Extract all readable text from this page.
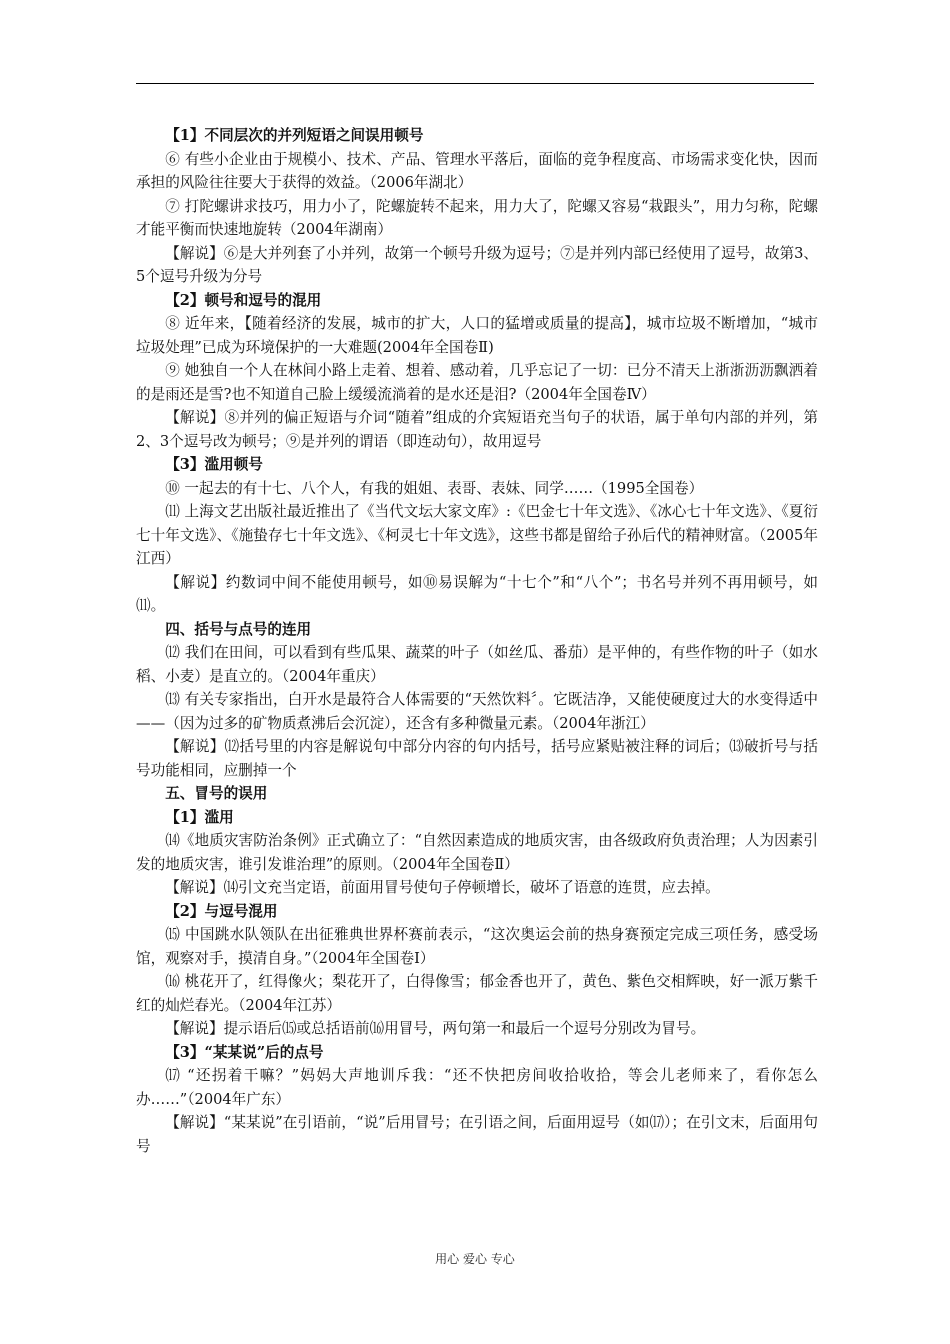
【1】不同层次的并列短语之间误用顿号

⑥ 有些小企业由于规模小、技术、产品、管理水平落后，面临的竞争程度高、市场需求变化快，因而承担的风险往往要大于获得的效益。（2006年湖北）

⑦ 打陀螺讲求技巧，用力小了，陀螺旋转不起来，用力大了，陀螺又容易“栽跟头”，用力匀称，陀螺才能平衡而快速地旋转（2004年湖南）

【解说】⑥是大并列套了小并列，故第一个顿号升级为逗号；⑦是并列内部已经使用了逗号，故第3、5个逗号升级为分号

【2】顿号和逗号的混用

⑧ 近年来，【随着经济的发展，城市的扩大，人口的猛增或质量的提高】，城市垃圾不断增加，“城市垃圾处理”已成为环境保护的一大难题(2004年全国卷Ⅱ)

⑨ 她独自一个人在林间小路上走着、想着、感动着，几乎忘记了一切：已分不清天上浙浙沥沥飘洒着的是雨还是雪?也不知道自己脸上缓缓流淌着的是水还是泪?（2004年全国卷Ⅳ）

【解说】⑧并列的偏正短语与介词“随着”组成的介宾短语充当句子的状语，属于单句内部的并列，第2、3个逗号改为顿号；⑨是并列的谓语（即连动句），故用逗号

【3】滥用顿号

⑩ 一起去的有十七、八个人，有我的姐姐、表哥、表妹、同学……（1995全国卷）

⑾ 上海文艺出版社最近推出了《当代文坛大家文库》:《巴金七十年文选》、《冰心七十年文选》、《夏衍七十年文选》、《施蛰存七十年文选》、《柯灵七十年文选》，这些书都是留给子孙后代的精神财富。（2005年江西）

【解说】约数词中间不能使用顿号，如⑩易误解为“十七个”和“八个”；书名号并列不再用顿号，如⑾。

四、括号与点号的连用

⑿ 我们在田间，可以看到有些瓜果、蔬菜的叶子（如丝瓜、番茄）是平伸的，有些作物的叶子（如水稻、小麦）是直立的。（2004年重庆）

⒀ 有关专家指出，白开水是最符合人体需要的“天然饮料〞。它既洁净，又能使硬度过大的水变得适中——（因为过多的矿物质煮沸后会沉淀），还含有多种微量元素。（2004年浙江）

【解说】⑿括号里的内容是解说句中部分内容的句内括号，括号应紧贴被注释的词后；⒀破折号与括号功能相同，应删掉一个

五、冒号的误用

【1】滥用

⒁《地质灾害防治条例》正式确立了：“自然因素造成的地质灾害，由各级政府负责治理；人为因素引发的地质灾害，谁引发谁治理”的原则。（2004年全国卷Ⅱ）

【解说】⒁引文充当定语，前面用冒号使句子停顿增长，破坏了语意的连贯，应去掉。

【2】与逗号混用

⒂ 中国跳水队领队在出征雅典世界杯赛前表示，“这次奥运会前的热身赛预定完成三项任务，感受场馆，观察对手，摸清自身。”（2004年全国卷Ⅰ）

⒃ 桃花开了，红得像火；梨花开了，白得像雪；郁金香也开了，黄色、紫色交相辉映，好一派万紫千红的灿烂春光。（2004年江苏）

【解说】提示语后⒂或总括语前⒃用冒号，两句第一和最后一个逗号分别改为冒号。

【3】“某某说”后的点号

⒄ “还拐着干嘛？”妈妈大声地训斥我：“还不快把房间收拾收拾，等会儿老师来了，看你怎么办……”（2004年广东）

【解说】“某某说”在引语前，“说”后用冒号；在引语之间，后面用逗号（如⒄）；在引文末，后面用句号

用心 爱心 专心
